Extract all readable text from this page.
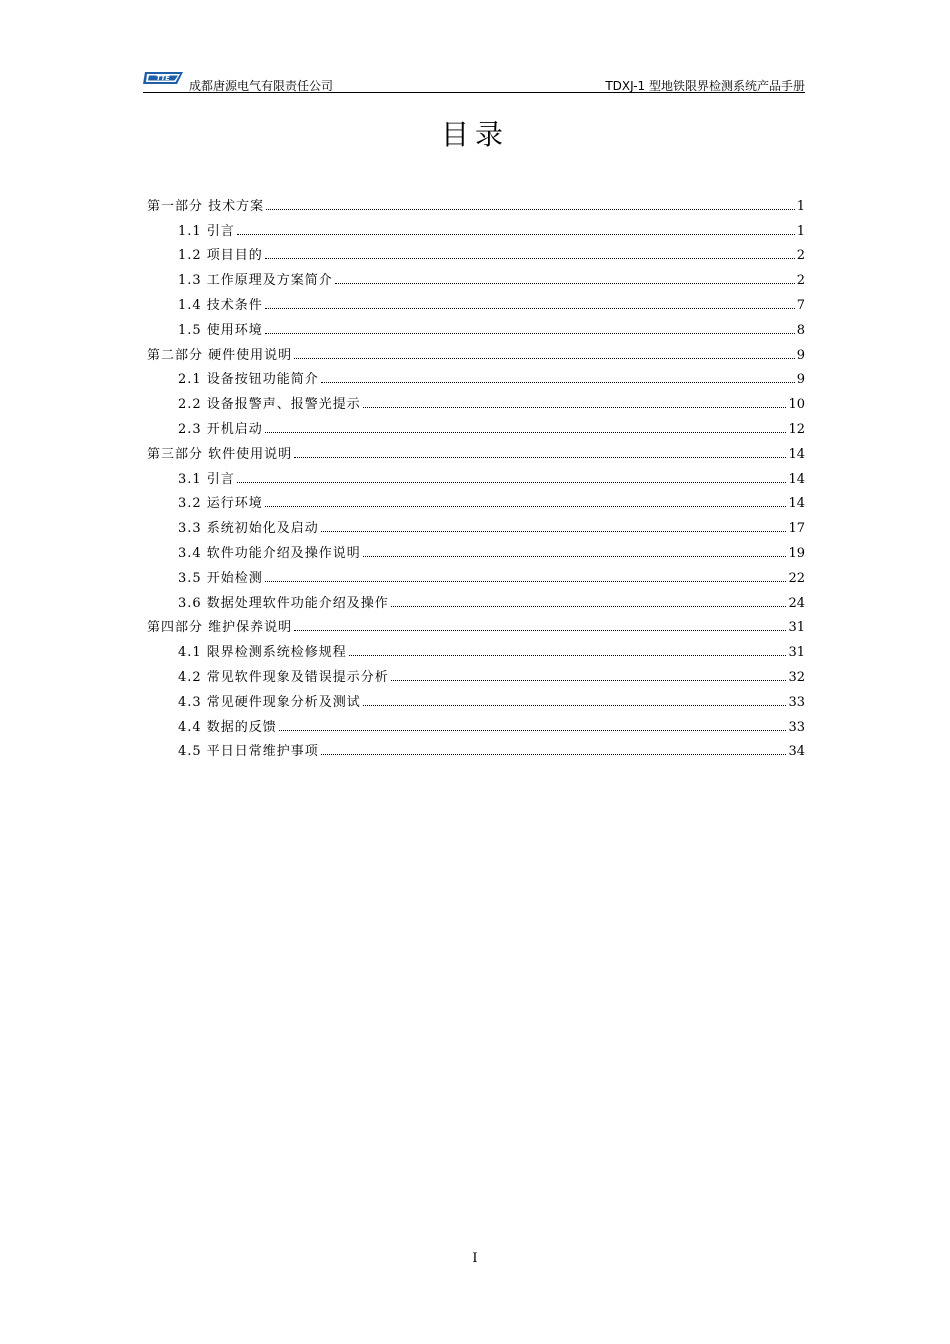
TTE
成都唐源电气有限责任公司	TDXJ-1 型地铁限界检测系统产品手册
目录
第一部分 技术方案	1
1.1 引言	1
1.2 项目目的	2
1.3 工作原理及方案简介	2
1.4 技术条件	7
1.5 使用环境	8
第二部分 硬件使用说明	9
2.1 设备按钮功能简介	9
2.2 设备报警声、报警光提示	10
2.3 开机启动	12
第三部分 软件使用说明	14
3.1 引言	14
3.2 运行环境	14
3.3 系统初始化及启动	17
3.4 软件功能介绍及操作说明	19
3.5 开始检测	22
3.6 数据处理软件功能介绍及操作	24
第四部分 维护保养说明	31
4.1 限界检测系统检修规程	31
4.2 常见软件现象及错误提示分析	32
4.3 常见硬件现象分析及测试	33
4.4 数据的反馈	33
4.5 平日日常维护事项	34
I
